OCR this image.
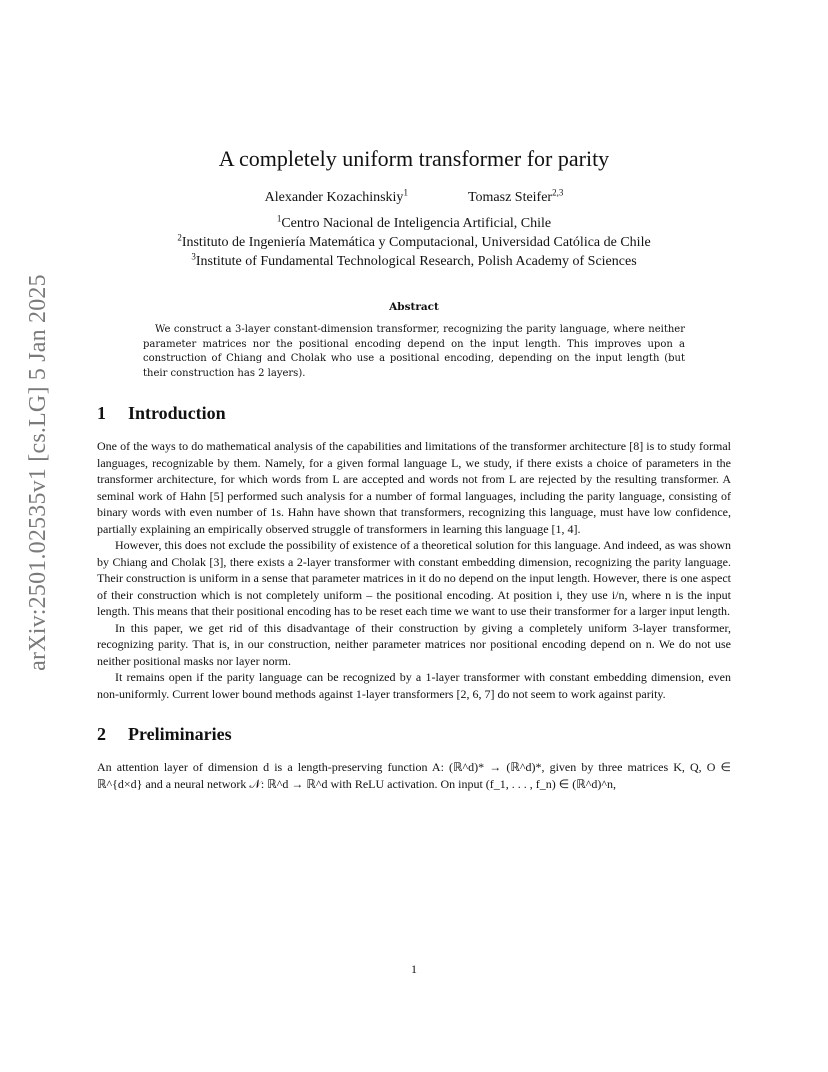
arXiv:2501.02535v1 [cs.LG] 5 Jan 2025
A completely uniform transformer for parity
Alexander Kozachinskiy$^1$	Tomasz Steifer$^{2,3}$
$^1$Centro Nacional de Inteligencia Artificial, Chile
$^2$Instituto de Ingeniería Matemática y Computacional, Universidad Católica de Chile
$^3$Institute of Fundamental Technological Research, Polish Academy of Sciences
Abstract

We construct a 3-layer constant-dimension transformer, recognizing the parity language, where neither parameter matrices nor the positional encoding depend on the input length. This improves upon a construction of Chiang and Cholak who use a positional encoding, depending on the input length (but their construction has 2 layers).

1 Introduction

One of the ways to do mathematical analysis of the capabilities and limitations of the transformer architecture [8] is to study formal languages, recognizable by them. Namely, for a given formal language L, we study, if there exists a choice of parameters in the transformer architecture, for which words from L are accepted and words not from L are rejected by the resulting transformer. A seminal work of Hahn [5] performed such analysis for a number of formal languages, including the parity language, consisting of binary words with even number of 1s. Hahn have shown that transformers, recognizing this language, must have low confidence, partially explaining an empirically observed struggle of transformers in learning this language [1, 4].

However, this does not exclude the possibility of existence of a theoretical solution for this language. And indeed, as was shown by Chiang and Cholak [3], there exists a 2-layer transformer with constant embedding dimension, recognizing the parity language. Their construction is uniform in a sense that parameter matrices in it do no depend on the input length. However, there is one aspect of their construction which is not completely uniform – the positional encoding. At position i, they use i/n, where n is the input length. This means that their positional encoding has to be reset each time we want to use their transformer for a larger input length.

In this paper, we get rid of this disadvantage of their construction by giving a completely uniform 3-layer transformer, recognizing parity. That is, in our construction, neither parameter matrices nor positional encoding depend on n. We do not use neither positional masks nor layer norm.

It remains open if the parity language can be recognized by a 1-layer transformer with constant embedding dimension, even non-uniformly. Current lower bound methods against 1-layer transformers [2, 6, 7] do not seem to work against parity.

2 Preliminaries

An attention layer of dimension d is a length-preserving function A: (ℝ^d)* → (ℝ^d)*, given by three matrices K, Q, O ∈ ℝ^{d×d} and a neural network 𝒩: ℝ^d → ℝ^d with ReLU activation. On input (f_1, . . . , f_n) ∈ (ℝ^d)^n,

1
